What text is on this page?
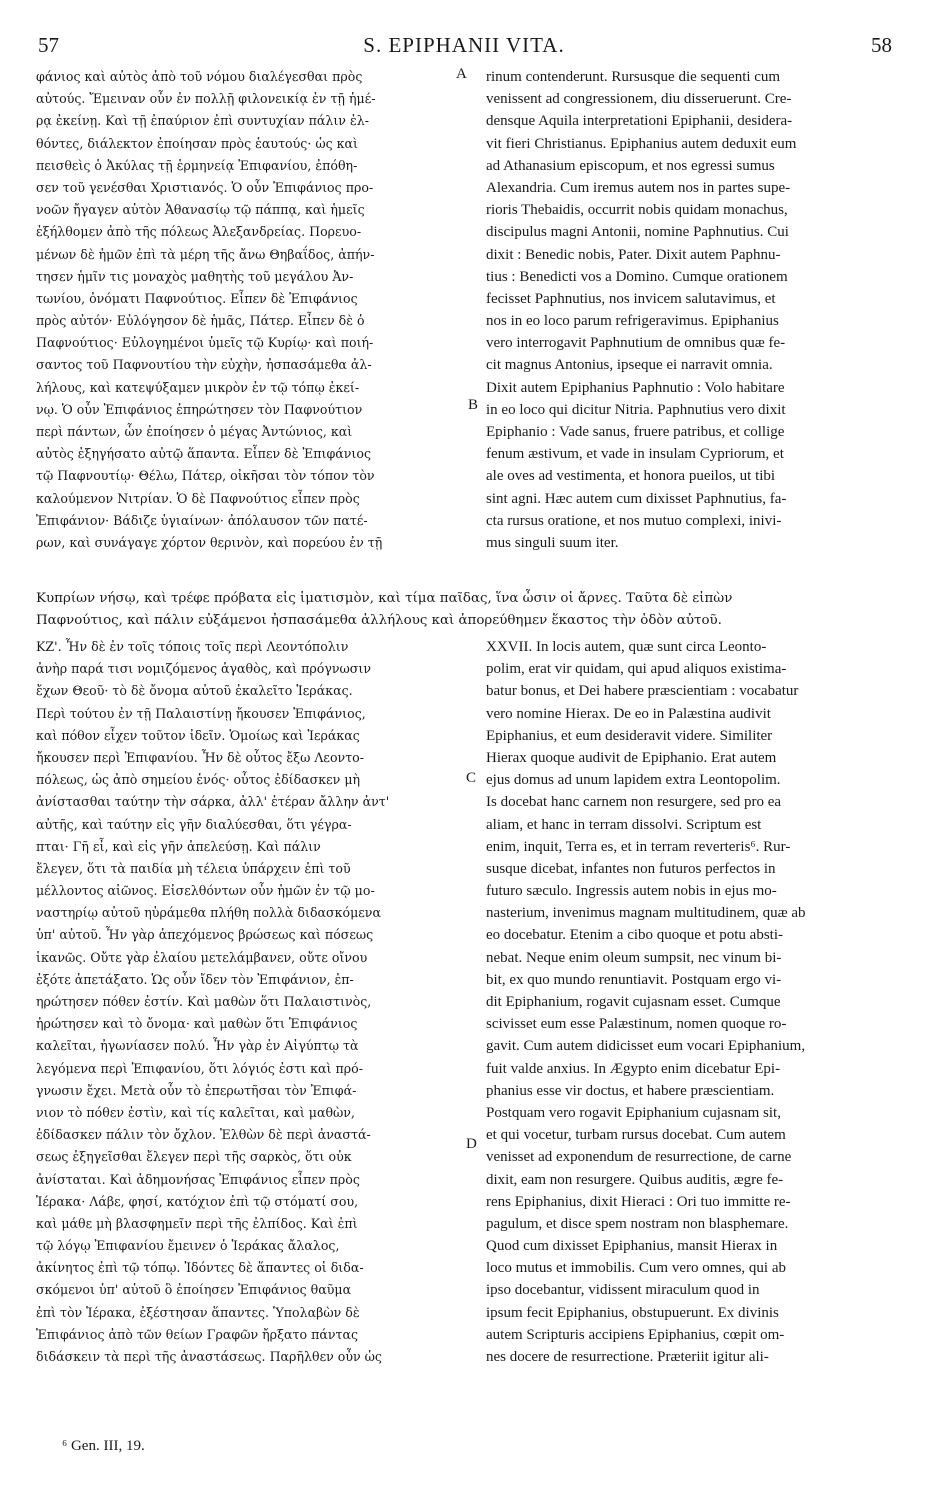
57	S. EPIPHANII VITA.	58
φάνιος καὶ αὐτὸς ἀπὸ τοῦ νόμου διαλέγεσθαι πρὸς
αὐτούς. Ἔμειναν οὖν ἐν πολλῇ φιλονεικίᾳ ἐν τῇ ἡμέ-
ρᾳ ἐκείνῃ. Καὶ τῇ ἐπαύριον ἐπὶ συντυχίαν πάλιν ἐλ-
θόντες, διάλεκτον ἐποίησαν πρὸς ἑαυτούς· ὡς καὶ
πεισθεὶς ὁ Ἀκύλας τῇ ἑρμηνείᾳ Ἐπιφανίου, ἐπόθη-
σεν τοῦ γενέσθαι Χριστιανός. Ὁ οὖν Ἐπιφάνιος προ-
νοῶν ἤγαγεν αὐτὸν Ἀθανασίῳ τῷ πάππᾳ, καὶ ἡμεῖς
ἐξήλθομεν ἀπὸ τῆς πόλεως Ἀλεξανδρείας. Πορευο-
μένων δὲ ἡμῶν ἐπὶ τὰ μέρη τῆς ἄνω Θηβαΐδος, ἀπήν-
τησεν ἡμῖν τις μοναχὸς μαθητὴς τοῦ μεγάλου Ἀν-
τωνίου, ὀνόματι Παφνούτιος. Εἶπεν δὲ Ἐπιφάνιος
πρὸς αὐτόν· Εὐλόγησον δὲ ἡμᾶς, Πάτερ. Εἶπεν δὲ ὁ
Παφνούτιος· Εὐλογημένοι ὑμεῖς τῷ Κυρίῳ· καὶ ποιή-
σαντος τοῦ Παφνουτίου τὴν εὐχὴν, ἠσπασάμεθα ἀλ-
λήλους, καὶ κατεψύξαμεν μικρὸν ἐν τῷ τόπῳ ἐκεί-
νῳ. Ὁ οὖν Ἐπιφάνιος ἐπηρώτησεν τὸν Παφνούτιον
περὶ πάντων, ὧν ἐποίησεν ὁ μέγας Ἀντώνιος, καὶ
αὐτὸς ἐξηγήσατο αὐτῷ ἅπαντα. Εἶπεν δὲ Ἐπιφάνιος
τῷ Παφνουτίῳ· Θέλω, Πάτερ, οἰκῆσαι τὸν τόπον τὸν
καλούμενον Νιτρίαν. Ὁ δὲ Παφνούτιος εἶπεν πρὸς
Ἐπιφάνιον· Βάδιζε ὑγιαίνων· ἀπόλαυσον τῶν πατέ-
ρων, καὶ συνάγαγε χόρτον θερινὸν, καὶ πορεύου ἐν τῇ
rinum contenderunt. Rursusque die sequenti cum
venissent ad congressionem, diu disseruerunt. Cre-
densque Aquila interpretationi Epiphanii, desidera-
vit fieri Christianus. Epiphanius autem deduxit eum
ad Athanasium episcopum, et nos egressi sumus
Alexandria. Cum iremus autem nos in partes supe-
rioris Thebaidis, occurrit nobis quidam monachus,
discipulus magni Antonii, nomine Paphnutius. Cui
dixit : Benedic nobis, Pater. Dixit autem Paphnu-
tius : Benedicti vos a Domino. Cumque orationem
fecisset Paphnutius, nos invicem salutavimus, et
nos in eo loco parum refrigeravimus. Epiphanius
vero interrogavit Paphnutium de omnibus quæ fe-
cit magnus Antonius, ipseque ei narravit omnia.
Dixit autem Epiphanius Paphnutio : Volo habitare
in eo loco qui dicitur Nitria. Paphnutius vero dixit
Epiphanio : Vade sanus, fruere patribus, et collige
fenum æstivum, et vade in insulam Cypriorum, et
ale oves ad vestimenta, et honora pueilos, ut tibi
sint agni. Hæc autem cum dixisset Paphnutius, fa-
cta rursus oratione, et nos mutuo complexi, inivi-
mus singuli suum iter.
A
B
C
D
Κυπρίων νήσῳ, καὶ τρέφε πρόβατα εἰς ἱματισμὸν, καὶ τίμα παῖδας, ἵνα ὦσιν οἱ ἄρνες. Ταῦτα δὲ εἰπὼν
Παφνούτιος, καὶ πάλιν εὐξάμενοι ἠσπασάμεθα ἀλλήλους καὶ ἀπορεύθημεν ἕκαστος τὴν ὁδὸν αὐτοῦ.
ΚΖ'. Ἦν δὲ ἐν τοῖς τόποις τοῖς περὶ Λεοντόπολιν
ἀνὴρ παρά τισι νομιζόμενος ἀγαθὸς, καὶ πρόγνωσιν
ἔχων Θεοῦ· τὸ δὲ ὄνομα αὐτοῦ ἐκαλεῖτο Ἱεράκας.
Περὶ τούτου ἐν τῇ Παλαιστίνῃ ἤκουσεν Ἐπιφάνιος,
καὶ πόθον εἶχεν τοῦτον ἰδεῖν. Ὁμοίως καὶ Ἱεράκας
ἤκουσεν περὶ Ἐπιφανίου. Ἦν δὲ οὗτος ἔξω Λεοντο-
πόλεως, ὡς ἀπὸ σημείου ἑνός· οὗτος ἐδίδασκεν μὴ
ἀνίστασθαι ταύτην τὴν σάρκα, ἀλλ' ἑτέραν ἄλλην ἀντ'
αὐτῆς, καὶ ταύτην εἰς γῆν διαλύεσθαι, ὅτι γέγρα-
πται· Γῆ εἶ, καὶ εἰς γῆν ἀπελεύσῃ. Καὶ πάλιν
ἔλεγεν, ὅτι τὰ παιδία μὴ τέλεια ὑπάρχειν ἐπὶ τοῦ
μέλλοντος αἰῶνος. Εἰσελθόντων οὖν ἡμῶν ἐν τῷ μο-
ναστηρίῳ αὐτοῦ ηὑράμεθα πλήθη πολλὰ διδασκόμενα
ὑπ' αὐτοῦ. Ἦν γὰρ ἀπεχόμενος βρώσεως καὶ πόσεως
ἱκανῶς. Οὔτε γὰρ ἐλαίου μετελάμβανεν, οὔτε οἴνου
ἐξότε ἀπετάξατο. Ὡς οὖν ἴδεν τὸν Ἐπιφάνιον, ἐπ-
ηρώτησεν πόθεν ἐστίν. Καὶ μαθὼν ὅτι Παλαιστινὸς,
ἠρώτησεν καὶ τὸ ὄνομα· καὶ μαθὼν ὅτι Ἐπιφάνιος
καλεῖται, ἠγωνίασεν πολύ. Ἦν γὰρ ἐν Αἰγύπτῳ τὰ
λεγόμενα περὶ Ἐπιφανίου, ὅτι λόγιός ἐστι καὶ πρό-
γνωσιν ἔχει. Μετὰ οὖν τὸ ἐπερωτῆσαι τὸν Ἐπιφά-
νιον τὸ πόθεν ἐστὶν, καὶ τίς καλεῖται, καὶ μαθὼν,
ἐδίδασκεν πάλιν τὸν ὄχλον. Ἐλθὼν δὲ περὶ ἀναστά-
σεως ἐξηγεῖσθαι ἔλεγεν περὶ τῆς σαρκὸς, ὅτι οὐκ
ἀνίσταται. Καὶ ἀδημονήσας Ἐπιφάνιος εἶπεν πρὸς
Ἱέρακα· Λάβε, φησί, κατόχιον ἐπὶ τῷ στόματί σου,
καὶ μάθε μὴ βλασφημεῖν περὶ τῆς ἐλπίδος. Καὶ ἐπὶ
τῷ λόγῳ Ἐπιφανίου ἔμεινεν ὁ Ἱεράκας ἄλαλος,
ἀκίνητος ἐπὶ τῷ τόπῳ. Ἰδόντες δὲ ἅπαντες οἱ διδα-
σκόμενοι ὑπ' αὐτοῦ ὃ ἐποίησεν Ἐπιφάνιος θαῦμα
ἐπὶ τὸν Ἱέρακα, ἐξέστησαν ἅπαντες. Ὑπολαβὼν δὲ
Ἐπιφάνιος ἀπὸ τῶν θείων Γραφῶν ἤρξατο πάντας
διδάσκειν τὰ περὶ τῆς ἀναστάσεως. Παρῆλθεν οὖν ὡς
XXVII. In locis autem, quæ sunt circa Leonto-
polim, erat vir quidam, qui apud aliquos existima-
batur bonus, et Dei habere præscientiam : vocabatur
vero nomine Hierax. De eo in Palæstina audivit
Epiphanius, et eum desideravit videre. Similiter
Hierax quoque audivit de Epiphanio. Erat autem
ejus domus ad unum lapidem extra Leontopolim.
Is docebat hanc carnem non resurgere, sed pro ea
aliam, et hanc in terram dissolvi. Scriptum est
enim, inquit, Terra es, et in terram reverteris⁶. Rur-
susque dicebat, infantes non futuros perfectos in
futuro sæculo. Ingressis autem nobis in ejus mo-
nasterium, invenimus magnam multitudinem, quæ ab
eo docebatur. Etenim a cibo quoque et potu absti-
nebat. Neque enim oleum sumpsit, nec vinum bi-
bit, ex quo mundo renuntiavit. Postquam ergo vi-
dit Epiphanium, rogavit cujasnam esset. Cumque
scivisset eum esse Palæstinum, nomen quoque ro-
gavit. Cum autem didicisset eum vocari Epiphanium,
fuit valde anxius. In Ægypto enim dicebatur Epi-
phanius esse vir doctus, et habere præscientiam.
Postquam vero rogavit Epiphanium cujasnam sit,
et qui vocetur, turbam rursus docebat. Cum autem
venisset ad exponendum de resurrectione, de carne
dixit, eam non resurgere. Quibus auditis, ægre fe-
rens Epiphanius, dixit Hieraci : Ori tuo immitte re-
pagulum, et disce spem nostram non blasphemare.
Quod cum dixisset Epiphanius, mansit Hierax in
loco mutus et immobilis. Cum vero omnes, qui ab
ipso docebantur, vidissent miraculum quod in
ipsum fecit Epiphanius, obstupuerunt. Ex divinis
autem Scripturis accipiens Epiphanius, cœpit om-
nes docere de resurrectione. Præteriit igitur ali-
⁶ Gen. III, 19.
